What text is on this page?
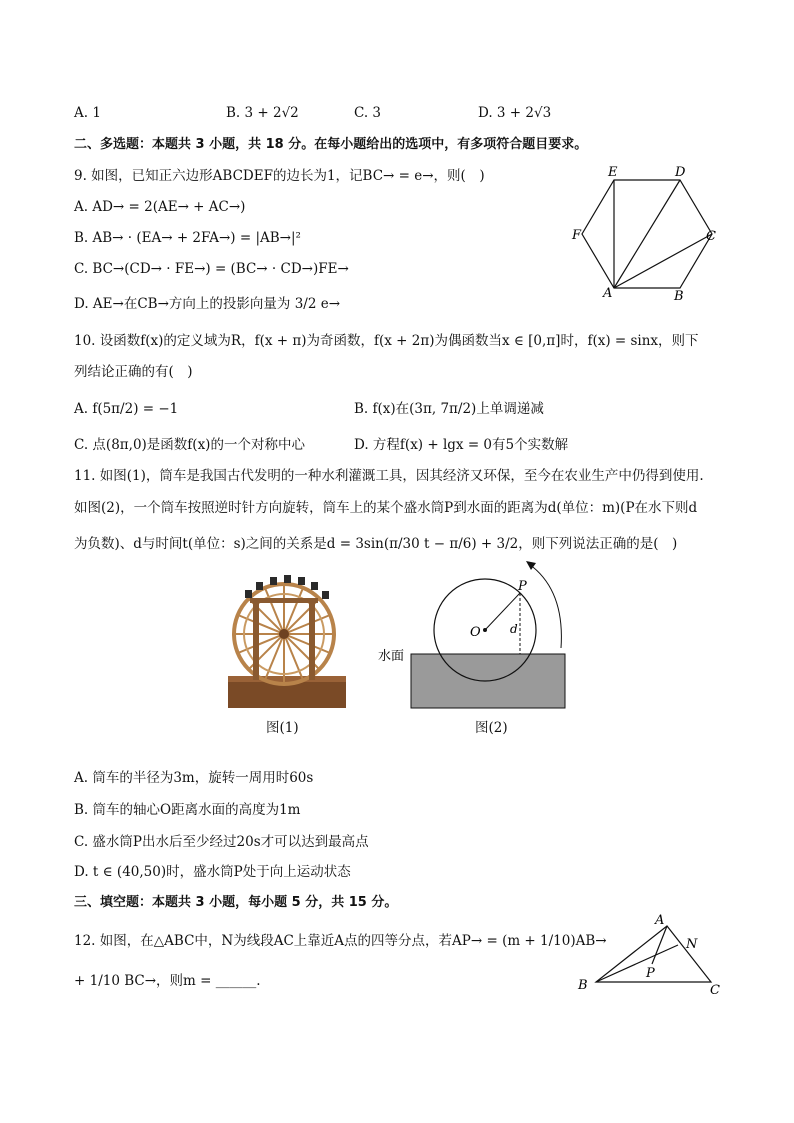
A. 1	B. 3 + 2√2	C. 3	D. 3 + 2√3
二、多选题：本题共 3 小题，共 18 分。在每小题给出的选项中，有多项符合题目要求。
9. 如图，已知正六边形ABCDEF的边长为1，记BC→ = e→，则(　)
A. AD→ = 2(AE→ + AC→)
B. AB→ · (EA→ + 2FA→) = |AB→|²
C. BC→(CD→ · FE→) = (BC→ · CD→)FE→
D. AE→在CB→方向上的投影向量为 3/2 e→
E	D
F	C
A	B
10. 设函数f(x)的定义域为R，f(x + π)为奇函数，f(x + 2π)为偶函数当x ∈ [0,π]时，f(x) = sinx，则下
列结论正确的有(　)
A. f(5π/2) = −1	B. f(x)在(3π, 7π/2)上单调递减
C. 点(8π,0)是函数f(x)的一个对称中心	D. 方程f(x) + lgx = 0有5个实数解
11. 如图(1)，筒车是我国古代发明的一种水利灌溉工具，因其经济又环保，至今在农业生产中仍得到使用.
如图(2)，一个筒车按照逆时针方向旋转，筒车上的某个盛水筒P到水面的距离为d(单位：m)(P在水下则d
为负数)、d与时间t(单位：s)之间的关系是d = 3sin(π/30 t − π/6) + 3/2，则下列说法正确的是(　)
水面
O
P
d
图(1)	图(2)
A. 筒车的半径为3m，旋转一周用时60s
B. 筒车的轴心O距离水面的高度为1m
C. 盛水筒P出水后至少经过20s才可以达到最高点
D. t ∈ (40,50)时，盛水筒P处于向上运动状态
三、填空题：本题共 3 小题，每小题 5 分，共 15 分。
12. 如图，在△ABC中，N为线段AC上靠近A点的四等分点，若AP→ = (m + 1/10)AB→
+ 1/10 BC→，则m = ______.
A
N
P
B	C
